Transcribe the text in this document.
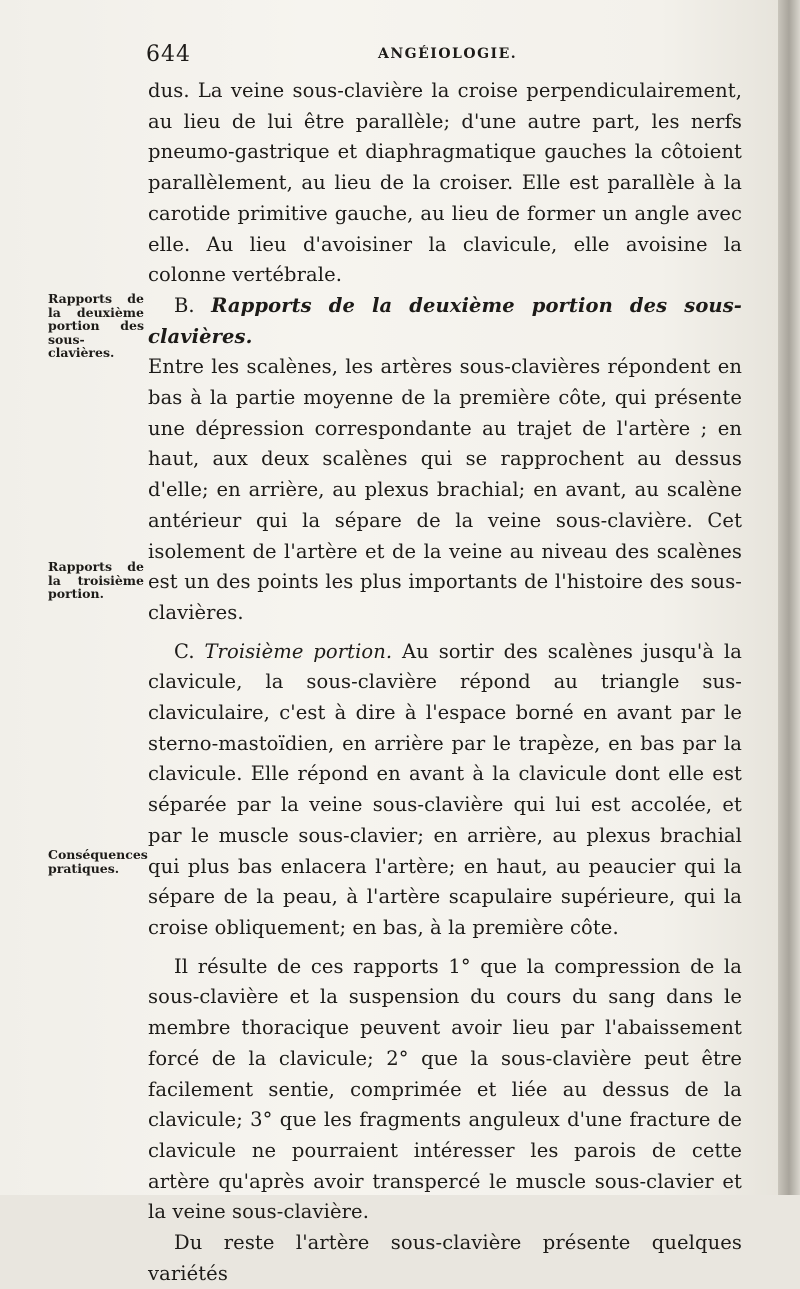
644	ANGÉIOLOGIE.
Rapports de la deuxième portion des sous-clavières.
Rapports de la troisième portion.
Conséquences pratiques.

dus. La veine sous-clavière la croise perpendiculairement, au lieu de lui être parallèle; d'une autre part, les nerfs pneumo-gastrique et diaphragmatique gauches la côtoient parallèlement, au lieu de la croiser. Elle est parallèle à la carotide primitive gauche, au lieu de former un angle avec elle. Au lieu d'avoisiner la clavicule, elle avoisine la colonne vertébrale.

B. Rapports de la deuxième portion des sous-clavières.

Entre les scalènes, les artères sous-clavières répondent en bas à la partie moyenne de la première côte, qui présente une dépression correspondante au trajet de l'artère ; en haut, aux deux scalènes qui se rapprochent au dessus d'elle; en arrière, au plexus brachial; en avant, au scalène antérieur qui la sépare de la veine sous-clavière. Cet isolement de l'artère et de la veine au niveau des scalènes est un des points les plus importants de l'histoire des sous-clavières.

C. Troisième portion. Au sortir des scalènes jusqu'à la clavicule, la sous-clavière répond au triangle sus-claviculaire, c'est à dire à l'espace borné en avant par le sterno-mastoïdien, en arrière par le trapèze, en bas par la clavicule. Elle répond en avant à la clavicule dont elle est séparée par la veine sous-clavière qui lui est accolée, et par le muscle sous-clavier; en arrière, au plexus brachial qui plus bas enlacera l'artère; en haut, au peaucier qui la sépare de la peau, à l'artère scapulaire supérieure, qui la croise obliquement; en bas, à la première côte.

Il résulte de ces rapports 1° que la compression de la sous-clavière et la suspension du cours du sang dans le membre thoracique peuvent avoir lieu par l'abaissement forcé de la clavicule; 2° que la sous-clavière peut être facilement sentie, comprimée et liée au dessus de la clavicule; 3° que les fragments anguleux d'une fracture de clavicule ne pourraient intéresser les parois de cette artère qu'après avoir transpercé le muscle sous-clavier et la veine sous-clavière.

Du reste l'artère sous-clavière présente quelques variétés
